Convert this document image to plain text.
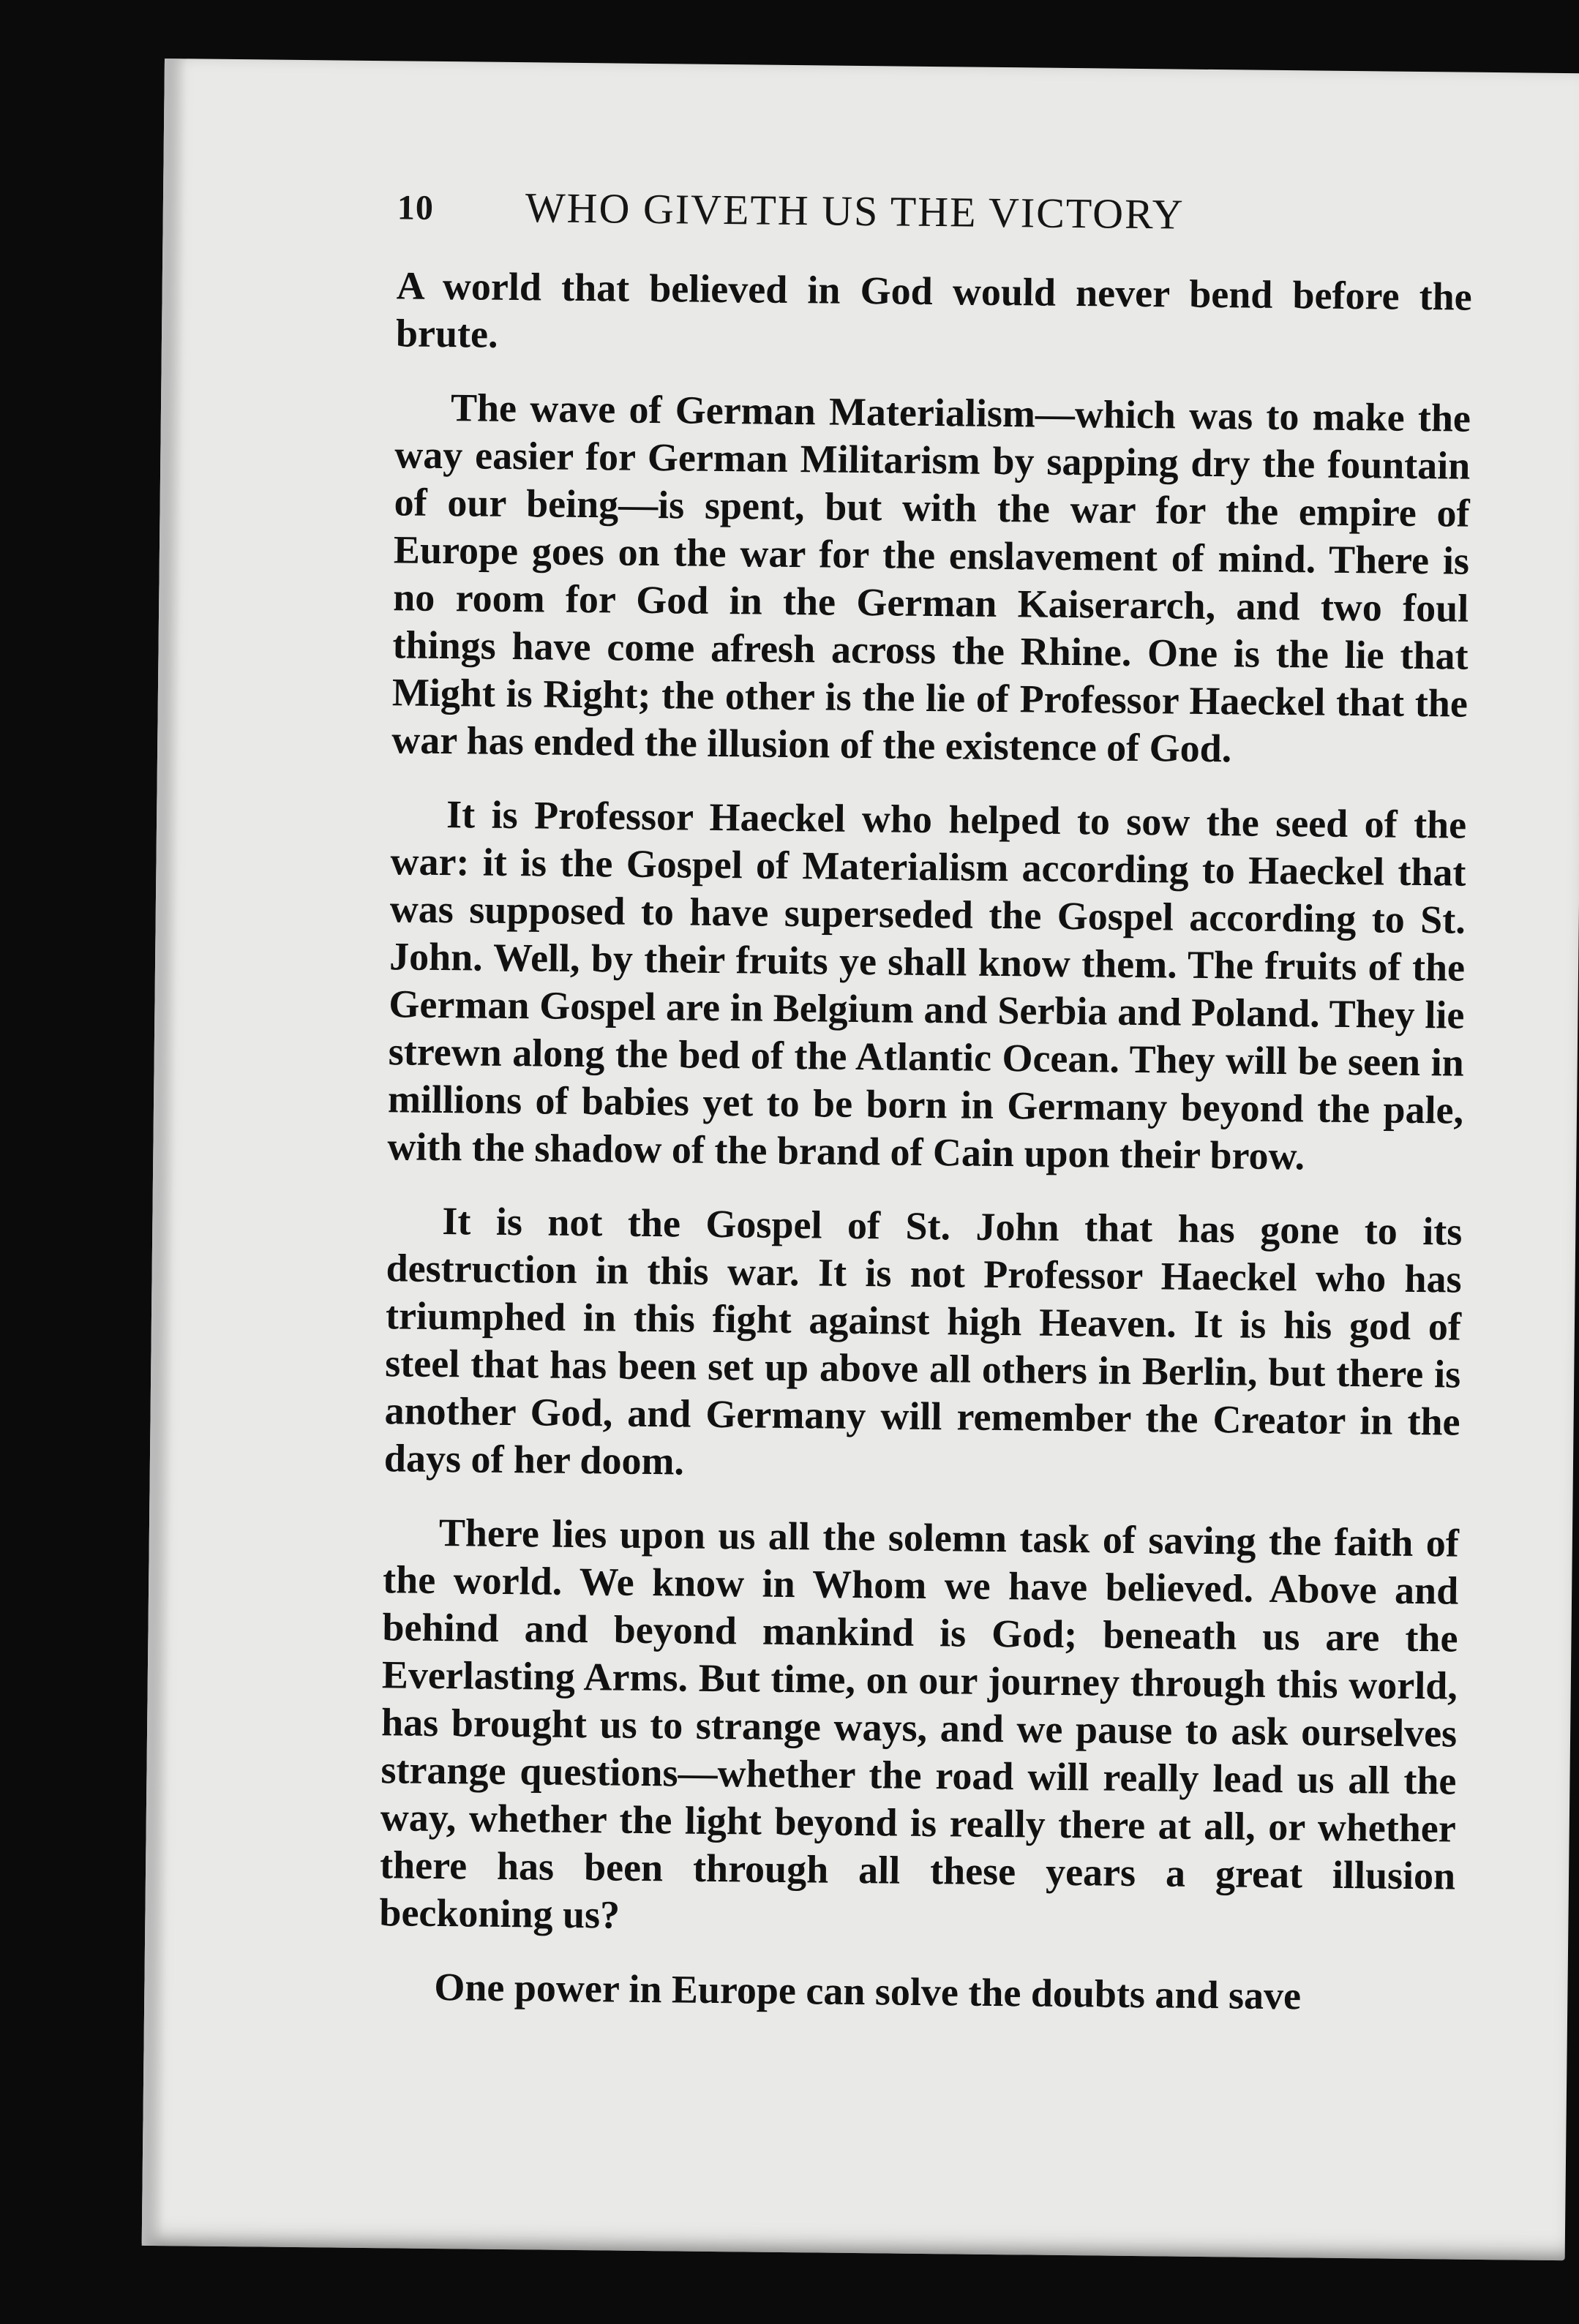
10 WHO GIVETH US THE VICTORY

A world that believed in God would never bend before the brute.

The wave of German Materialism—which was to make the way easier for German Militarism by sapping dry the fountain of our being—is spent, but with the war for the empire of Europe goes on the war for the enslavement of mind. There is no room for God in the German Kaiserarch, and two foul things have come afresh across the Rhine. One is the lie that Might is Right; the other is the lie of Professor Haeckel that the war has ended the illusion of the existence of God.

It is Professor Haeckel who helped to sow the seed of the war: it is the Gospel of Materialism according to Haeckel that was supposed to have superseded the Gospel according to St. John. Well, by their fruits ye shall know them. The fruits of the German Gospel are in Belgium and Serbia and Poland. They lie strewn along the bed of the Atlantic Ocean. They will be seen in millions of babies yet to be born in Germany beyond the pale, with the shadow of the brand of Cain upon their brow.

It is not the Gospel of St. John that has gone to its destruction in this war. It is not Professor Haeckel who has triumphed in this fight against high Heaven. It is his god of steel that has been set up above all others in Berlin, but there is another God, and Germany will remember the Creator in the days of her doom.

There lies upon us all the solemn task of saving the faith of the world. We know in Whom we have believed. Above and behind and beyond mankind is God; beneath us are the Everlasting Arms. But time, on our journey through this world, has brought us to strange ways, and we pause to ask ourselves strange questions—whether the road will really lead us all the way, whether the light beyond is really there at all, or whether there has been through all these years a great illusion beckoning us?

One power in Europe can solve the doubts and save
